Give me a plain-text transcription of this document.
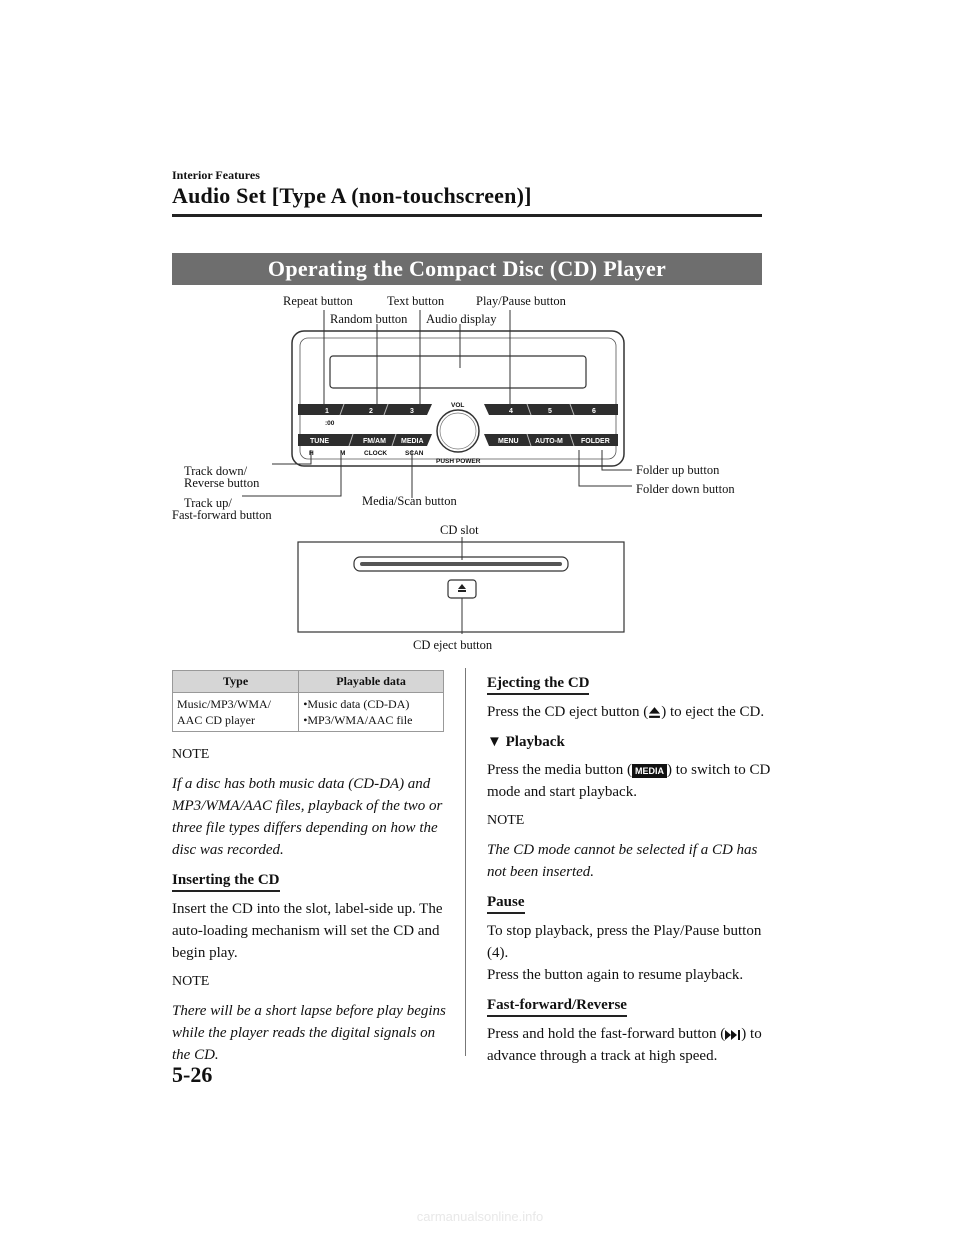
Interior Features
Audio Set [Type A (non-touchscreen)]
Operating the Compact Disc (CD) Player
1	2	3	4	5	6
:00
VOL
PUSH POWER
TUNE	FM/AM MEDIA
H	M	CLOCK	SCAN
MENU AUTO-M	FOLDER
Repeat button	Text button	Play/Pause button
Random button Audio display
Track down/
Reverse button
Track up/
Fast-forward button
Media/Scan button
Folder up button
Folder down button
CD slot
CD eject button
Type	Playable data
Music/MP3/WMA/
AAC CD player	•Music data (CD-DA)
•MP3/WMA/AAC file

NOTE

If a disc has both music data (CD-DA) and MP3/WMA/AAC files, playback of the two or three file types differs depending on how the disc was recorded.

Inserting the CD

Insert the CD into the slot, label-side up. The auto-loading mechanism will set the CD and begin play.

NOTE

There will be a short lapse before play begins while the player reads the digital signals on the CD.

Ejecting the CD

Press the CD eject button ( ) to eject the CD.

▼ Playback

Press the media button ( MEDIA ) to switch to CD mode and start playback.

NOTE

The CD mode cannot be selected if a CD has not been inserted.

Pause

To stop playback, press the Play/Pause button (4).

Press the button again to resume playback.

Fast-forward/Reverse

Press and hold the fast-forward button ( ) to advance through a track at high speed.

5-26
carmanualsonline.info
